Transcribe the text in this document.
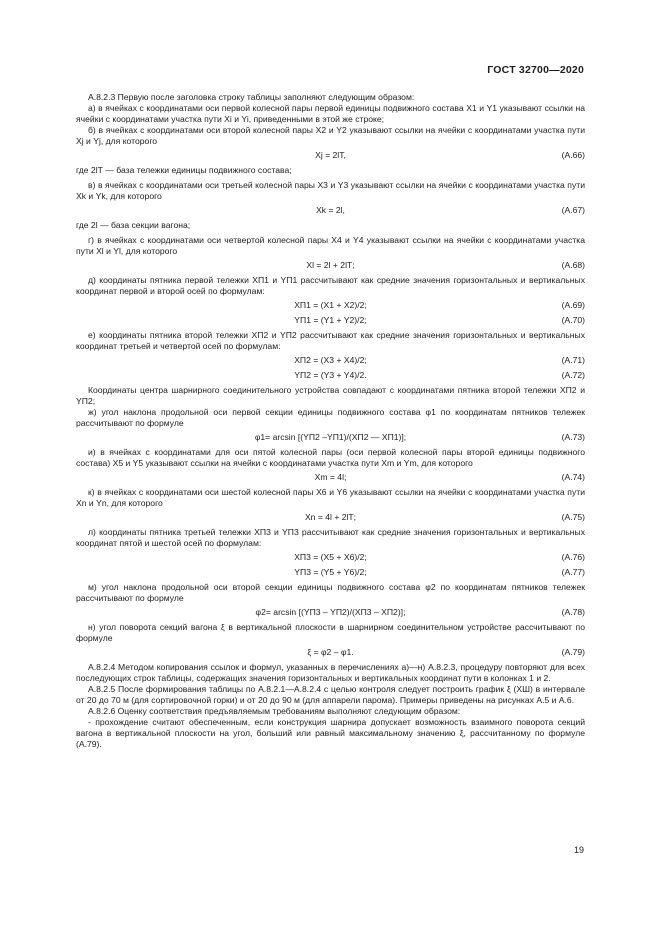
ГОСТ 32700—2020

А.8.2.3 Первую после заголовка строку таблицы заполняют следующим образом:

а) в ячейках с координатами оси первой колесной пары первой единицы подвижного состава X1 и Y1 указывают ссылки на ячейки с координатами участка пути Xi и Yi, приведенными в этой же строке;

б) в ячейках с координатами оси второй колесной пары X2 и Y2 указывают ссылки на ячейки с координатами участка пути Xj и Yj, для которого

Xj = 2lТ,	(А.66)

где 2lТ — база тележки единицы подвижного состава;

в) в ячейках с координатами оси третьей колесной пары X3 и Y3 указывают ссылки на ячейки с координатами участка пути Xk и Yk, для которого

Xk = 2l,	(А.67)

где 2l — база секции вагона;

г) в ячейках с координатами оси четвертой колесной пары X4 и Y4 указывают ссылки на ячейки с координатами участка пути Xl и Yl, для которого

Xl = 2l + 2lТ;	(А.68)

д) координаты пятника первой тележки XП1 и YП1 рассчитывают как средние значения горизонтальных и вертикальных координат первой и второй осей по формулам:

XП1 = (X1 + X2)/2;	(А.69)
YП1 = (Y1 + Y2)/2;	(А.70)

е) координаты пятника второй тележки XП2 и YП2 рассчитывают как средние значения горизонтальных и вертикальных координат третьей и четвертой осей по формулам:

XП2 = (X3 + X4)/2;	(А.71)
YП2 = (Y3 + Y4)/2.	(А.72)

Координаты центра шарнирного соединительного устройства совпадают с координатами пятника второй тележки XП2 и YП2;

ж) угол наклона продольной оси первой секции единицы подвижного состава φ1 по координатам пятников тележек рассчитывают по формуле

φ1= arcsin [(YП2 –YП1)/(XП2 — XП1)];	(А.73)

и) в ячейках с координатами для оси пятой колесной пары (оси первой колесной пары второй единицы подвижного состава) X5 и Y5 указывают ссылки на ячейки с координатами участка пути Xm и Ym, для которого

Xm = 4l;	(А.74)

к) в ячейках с координатами оси шестой колесной пары X6 и Y6 указывают ссылки на ячейки с координатами участка пути Xn и Yn, для которого

Xn = 4l + 2lТ;	(А.75)

л) координаты пятника третьей тележки XП3 и YП3 рассчитывают как средние значения горизонтальных и вертикальных координат пятой и шестой осей по формулам:

XП3 = (X5 + X6)/2;	(А.76)
YП3 = (Y5 + Y6)/2;	(А.77)

м) угол наклона продольной оси второй секции единицы подвижного состава φ2 по координатам пятников тележек рассчитывают по формуле

φ2= arcsin [(YП3 – YП2)/(XП3 – XП2)];	(А.78)

н) угол поворота секций вагона ξ в вертикальной плоскости в шарнирном соединительном устройстве рассчитывают по формуле

ξ = φ2 – φ1.	(А.79)

А.8.2.4 Методом копирования ссылок и формул, указанных в перечислениях а)—н) А.8.2.3, процедуру повторяют для всех последующих строк таблицы, содержащих значения горизонтальных и вертикальных координат пути в колонках 1 и 2.

А.8.2.5 После формирования таблицы по А.8.2.1—А.8.2.4 с целью контроля следует построить график ξ (XШ) в интервале от 20 до 70 м (для сортировочной горки) и от 20 до 90 м (для аппарели парома). Примеры приведены на рисунках А.5 и А.6.

А.8.2.6 Оценку соответствия предъявляемым требованиям выполняют следующим образом:

- прохождение считают обеспеченным, если конструкция шарнира допускает возможность взаимного поворота секций вагона в вертикальной плоскости на угол, больший или равный максимальному значению ξ, рассчитанному по формуле (А.79).

19
